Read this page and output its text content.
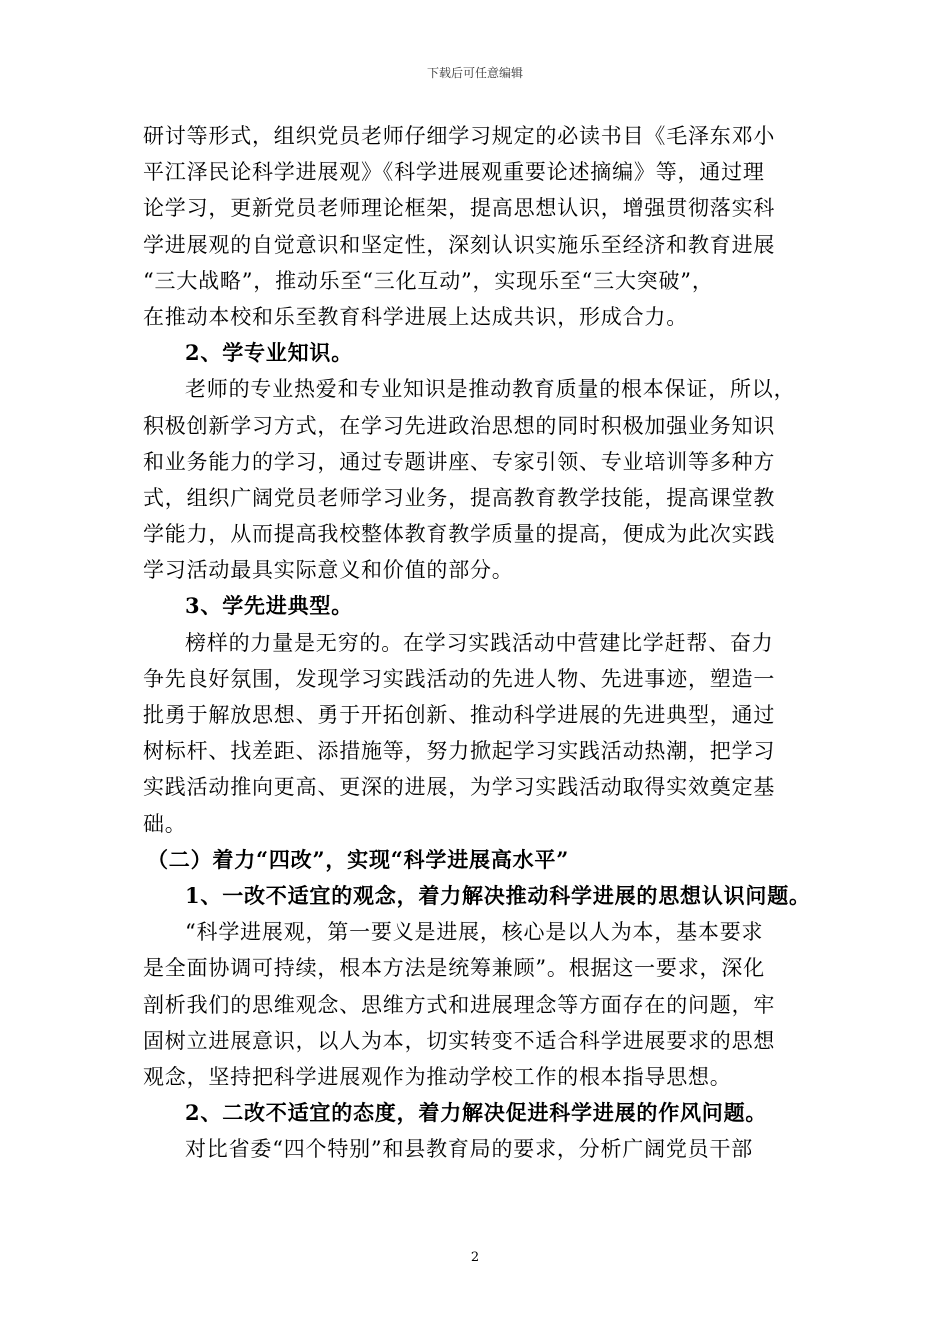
下载后可任意编辑
研讨等形式，组织党员老师仔细学习规定的必读书目《毛泽东邓小
平江泽民论科学进展观》《科学进展观重要论述摘编》等，通过理
论学习，更新党员老师理论框架，提高思想认识，增强贯彻落实科
学进展观的自觉意识和坚定性，深刻认识实施乐至经济和教育进展
“三大战略”，推动乐至“三化互动”，实现乐至“三大突破”，
在推动本校和乐至教育科学进展上达成共识，形成合力。
2、学专业知识。
老师的专业热爱和专业知识是推动教育质量的根本保证，所以，
积极创新学习方式，在学习先进政治思想的同时积极加强业务知识
和业务能力的学习，通过专题讲座、专家引领、专业培训等多种方
式，组织广阔党员老师学习业务，提高教育教学技能，提高课堂教
学能力，从而提高我校整体教育教学质量的提高，便成为此次实践
学习活动最具实际意义和价值的部分。
3、学先进典型。
榜样的力量是无穷的。在学习实践活动中营建比学赶帮、奋力
争先良好氛围，发现学习实践活动的先进人物、先进事迹，塑造一
批勇于解放思想、勇于开拓创新、推动科学进展的先进典型，通过
树标杆、找差距、添措施等，努力掀起学习实践活动热潮，把学习
实践活动推向更高、更深的进展，为学习实践活动取得实效奠定基
础。
（二）着力“四改”，实现“科学进展高水平”
1、一改不适宜的观念，着力解决推动科学进展的思想认识问题。
“科学进展观，第一要义是进展，核心是以人为本，基本要求
是全面协调可持续，根本方法是统筹兼顾”。根据这一要求，深化
剖析我们的思维观念、思维方式和进展理念等方面存在的问题，牢
固树立进展意识，以人为本，切实转变不适合科学进展要求的思想
观念，坚持把科学进展观作为推动学校工作的根本指导思想。
2、二改不适宜的态度，着力解决促进科学进展的作风问题。
对比省委“四个特别”和县教育局的要求，分析广阔党员干部
2
